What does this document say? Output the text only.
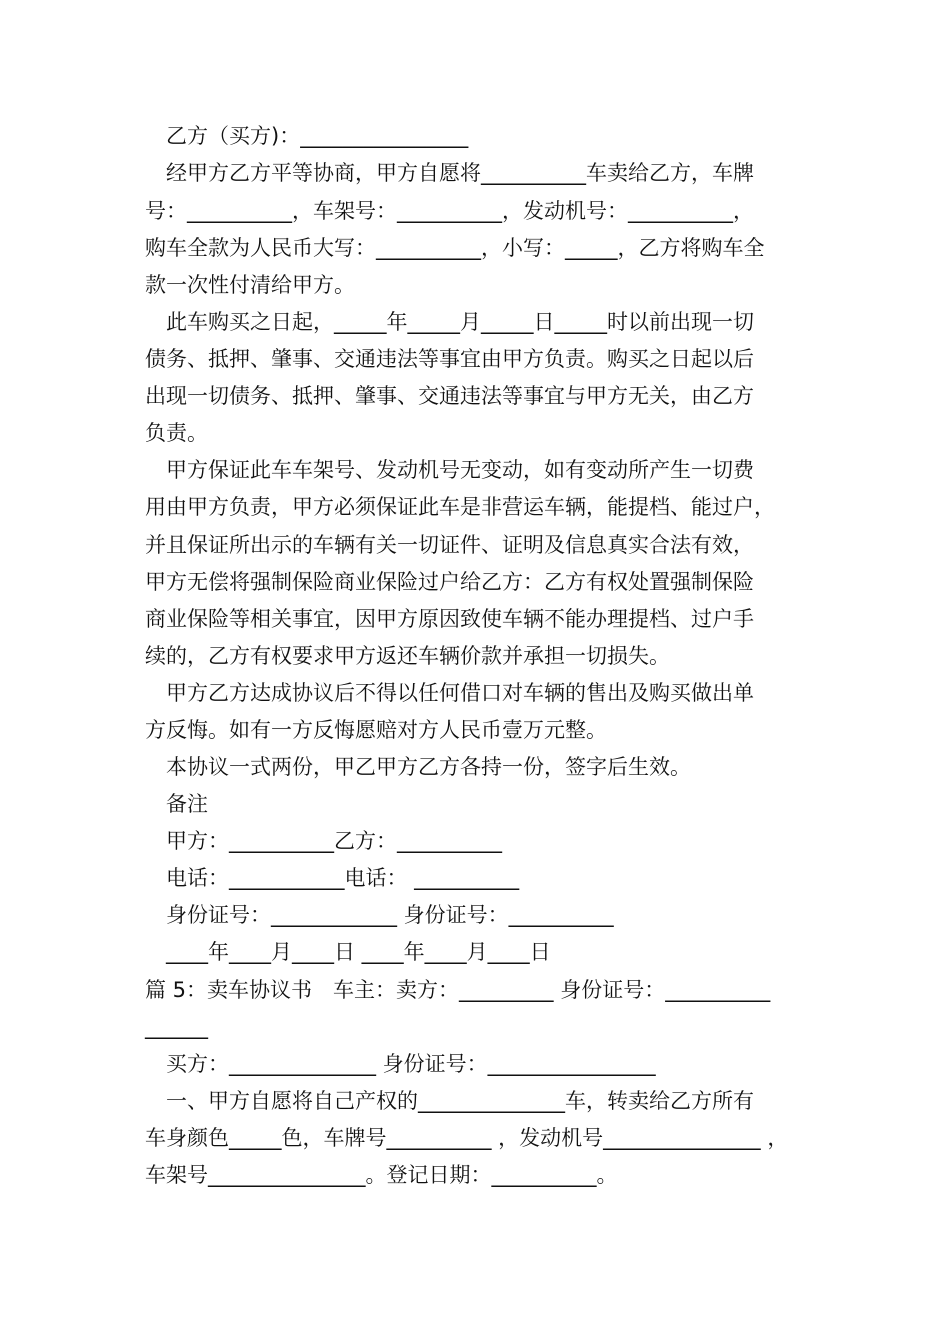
乙方（买方)：________________
经甲方乙方平等协商，甲方自愿将__________车卖给乙方，车牌
号：__________，车架号：__________，发动机号：__________，
购车全款为人民币大写：__________，小写：_____，乙方将购车全
款一次性付清给甲方。
此车购买之日起，_____年_____月_____日_____时以前出现一切
债务、抵押、肇事、交通违法等事宜由甲方负责。购买之日起以后
出现一切债务、抵押、肇事、交通违法等事宜与甲方无关，由乙方
负责。
甲方保证此车车架号、发动机号无变动，如有变动所产生一切费
用由甲方负责，甲方必须保证此车是非营运车辆，能提档、能过户，
并且保证所出示的车辆有关一切证件、证明及信息真实合法有效，
甲方无偿将强制保险商业保险过户给乙方：乙方有权处置强制保险
商业保险等相关事宜，因甲方原因致使车辆不能办理提档、过户手
续的，乙方有权要求甲方返还车辆价款并承担一切损失。
甲方乙方达成协议后不得以任何借口对车辆的售出及购买做出单
方反悔。如有一方反悔愿赔对方人民币壹万元整。
本协议一式两份，甲乙甲方乙方各持一份，签字后生效。
备注
甲方：__________乙方：__________
电话：___________电话： __________
身份证号：____________ 身份证号：__________
____年____月____日 ____年____月____日
篇 5：卖车协议书　车主：卖方：_________ 身份证号：__________
______
买方：______________ 身份证号：________________
一、甲方自愿将自己产权的______________车，转卖给乙方所有
车身颜色_____色，车牌号__________ ，发动机号_______________ ，
车架号_______________。登记日期：__________。
